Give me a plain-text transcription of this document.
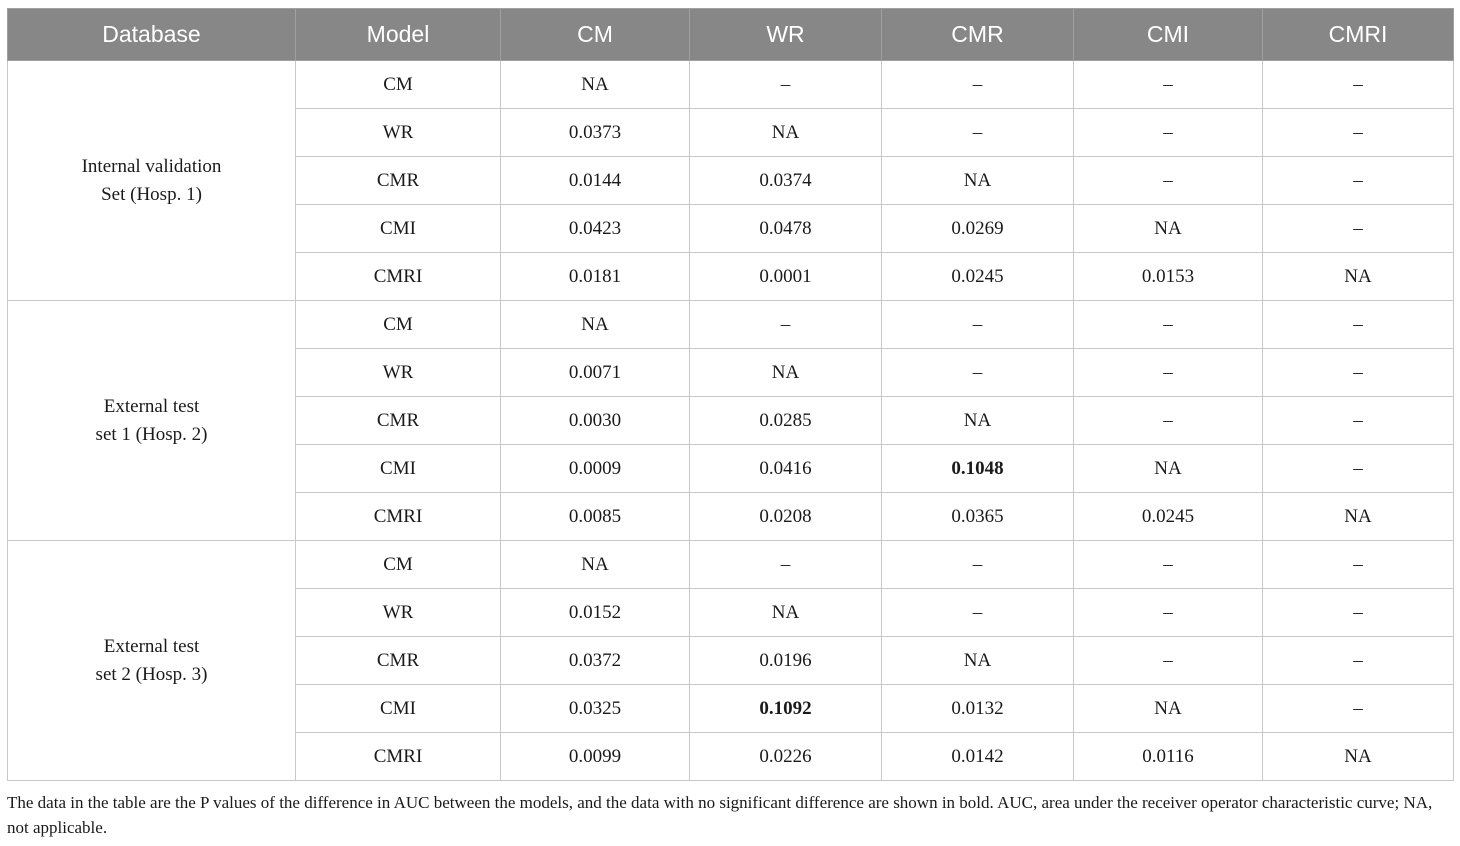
Database	Model	CM	WR	CMR	CMI	CMRI

Internal validation
Set (Hosp. 1)	CM	NA	–	–	–	–
	WR	0.0373	NA	–	–	–
	CMR	0.0144	0.0374	NA	–	–
	CMI	0.0423	0.0478	0.0269	NA	–
	CMRI	0.0181	0.0001	0.0245	0.0153	NA

External test
set 1 (Hosp. 2)	CM	NA	–	–	–	–
	WR	0.0071	NA	–	–	–
	CMR	0.0030	0.0285	NA	–	–
	CMI	0.0009	0.0416	0.1048	NA	–
	CMRI	0.0085	0.0208	0.0365	0.0245	NA

External test
set 2 (Hosp. 3)	CM	NA	–	–	–	–
	WR	0.0152	NA	–	–	–
	CMR	0.0372	0.0196	NA	–	–
	CMI	0.0325	0.1092	0.0132	NA	–
	CMRI	0.0099	0.0226	0.0142	0.0116	NA
The data in the table are the P values of the difference in AUC between the models, and the data with no significant difference are shown in bold. AUC, area under the receiver operator characteristic curve; NA, not applicable.
